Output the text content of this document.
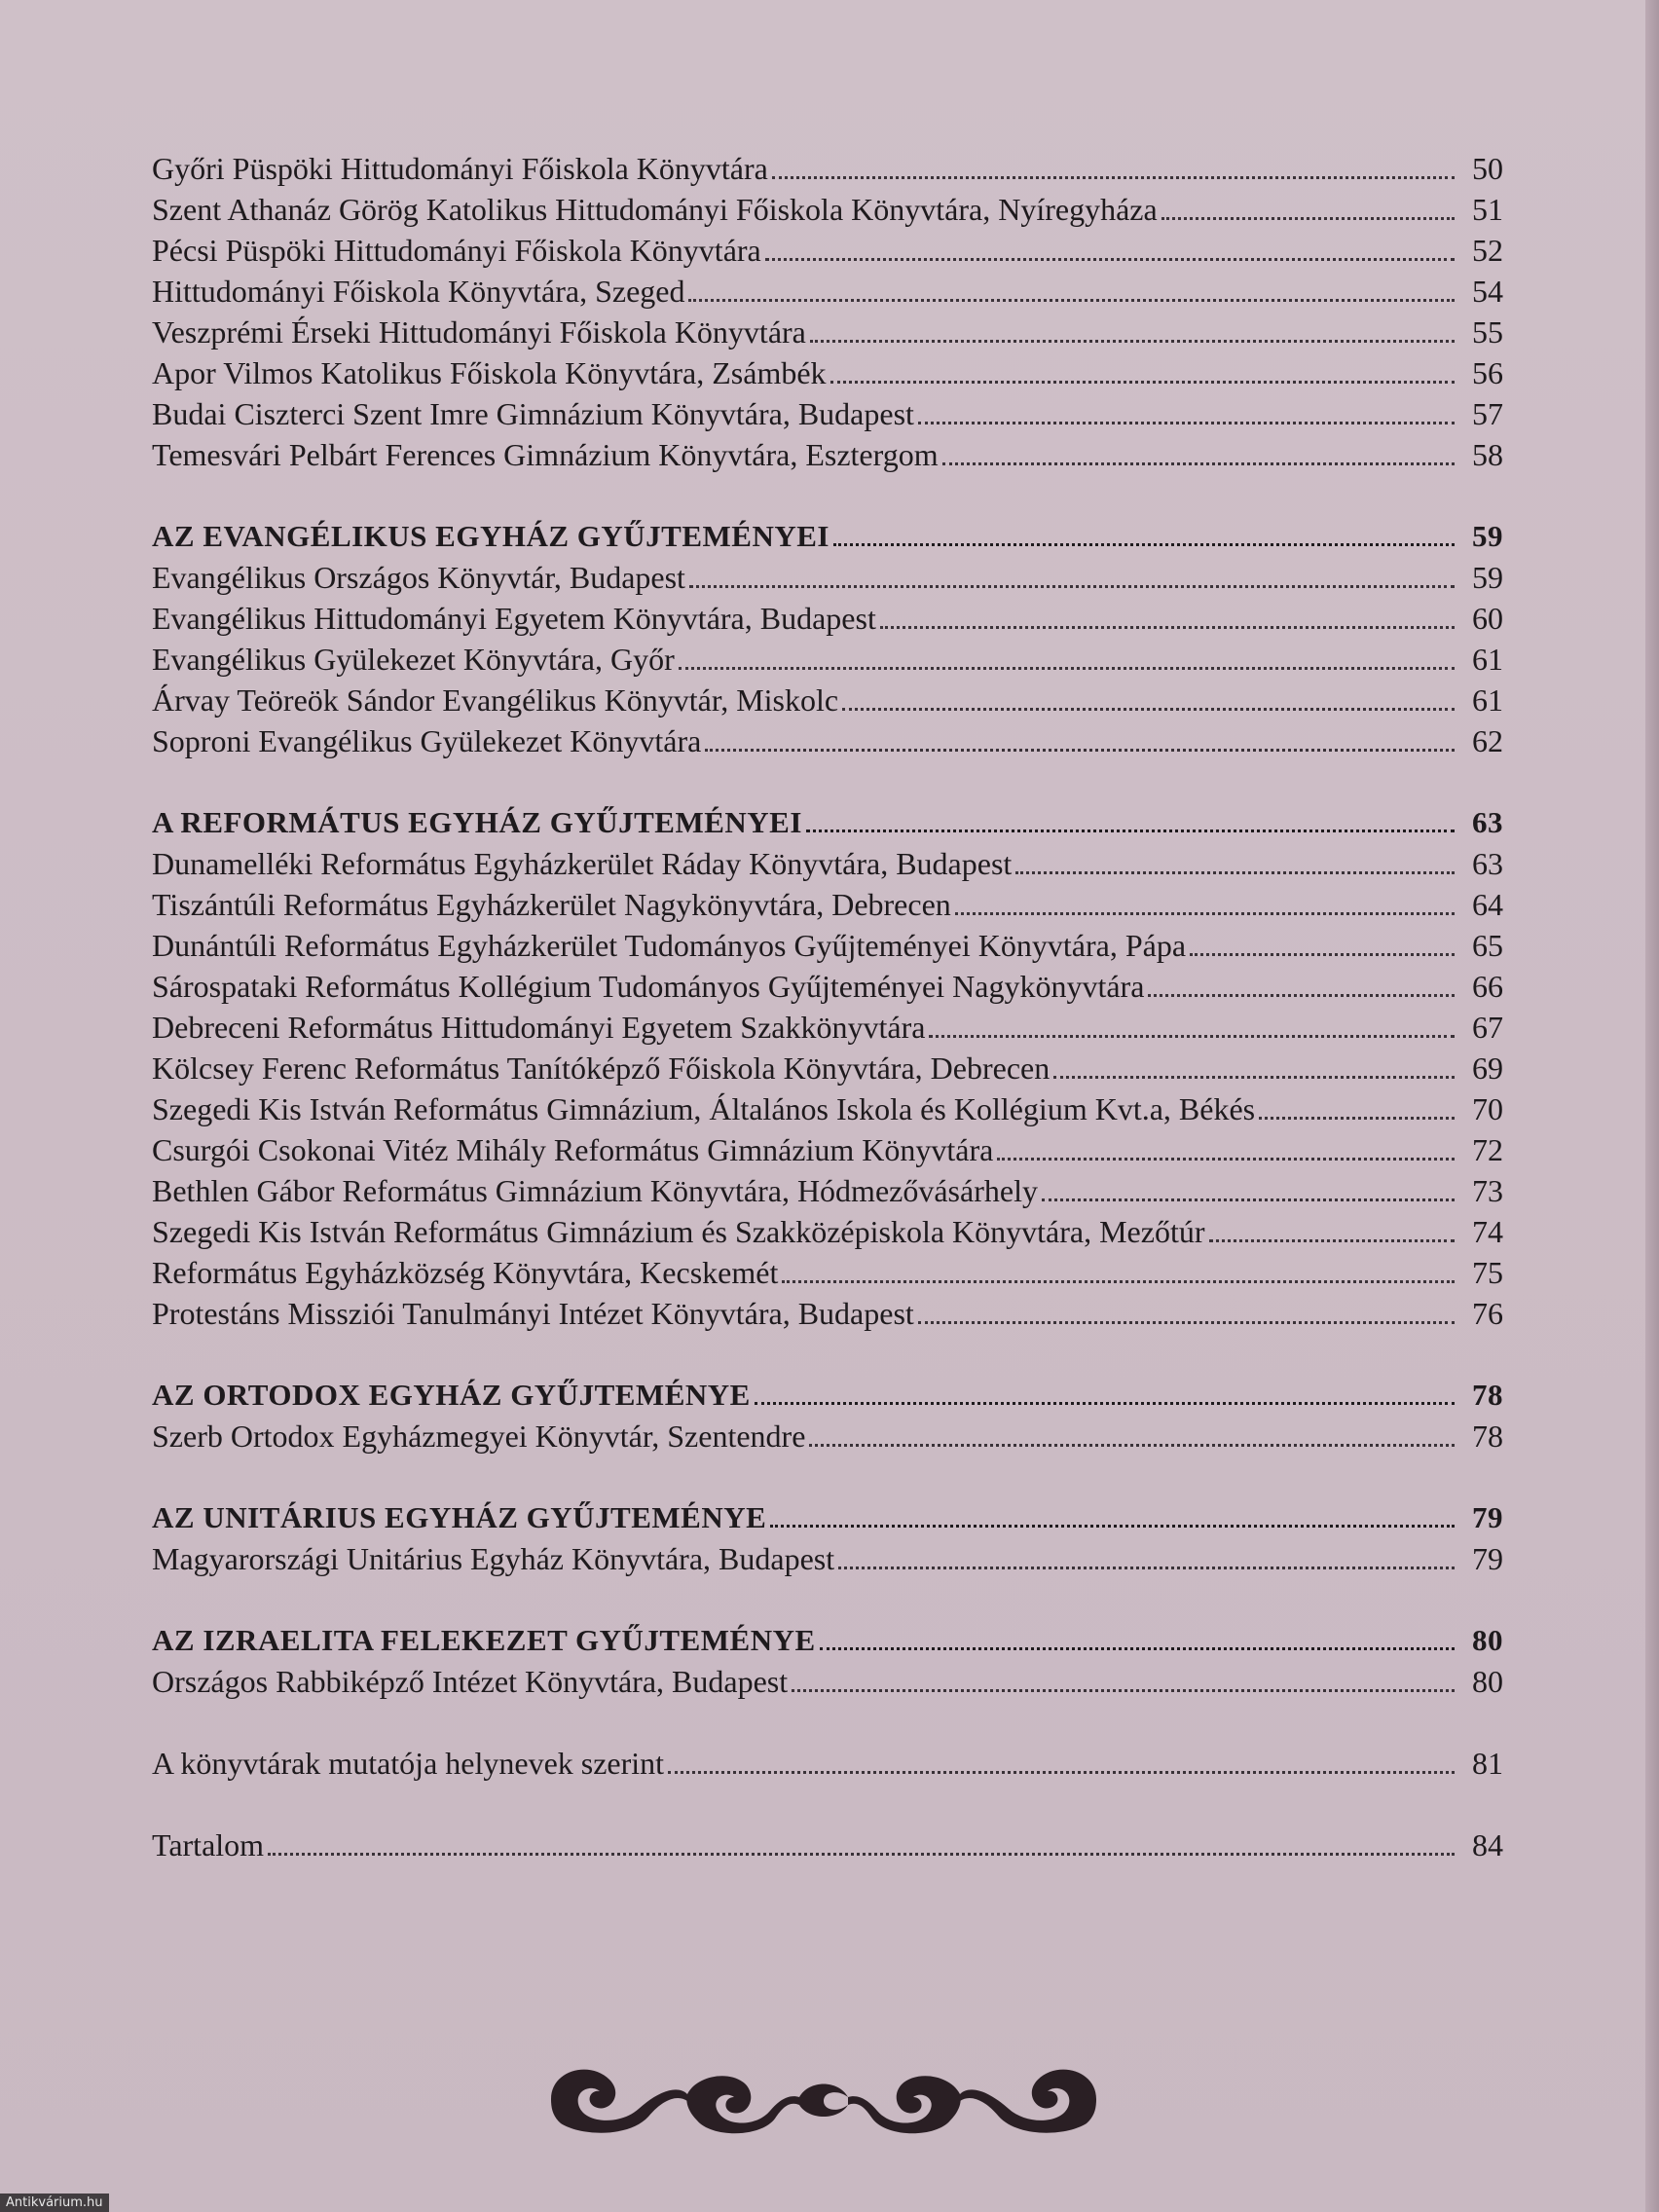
Győri Püspöki Hittudományi Főiskola Könyvtára	50
Szent Athanáz Görög Katolikus Hittudományi Főiskola Könyvtára, Nyíregyháza	51
Pécsi Püspöki Hittudományi Főiskola Könyvtára	52
Hittudományi Főiskola Könyvtára, Szeged	54
Veszprémi Érseki Hittudományi Főiskola Könyvtára	55
Apor Vilmos Katolikus Főiskola Könyvtára, Zsámbék	56
Budai Ciszterci Szent Imre Gimnázium Könyvtára, Budapest	57
Temesvári Pelbárt Ferences Gimnázium Könyvtára, Esztergom	58
AZ EVANGÉLIKUS EGYHÁZ GYŰJTEMÉNYEI	59
Evangélikus Országos Könyvtár, Budapest	59
Evangélikus Hittudományi Egyetem Könyvtára, Budapest	60
Evangélikus Gyülekezet Könyvtára, Győr	61
Árvay Teöreök Sándor Evangélikus Könyvtár, Miskolc	61
Soproni Evangélikus Gyülekezet Könyvtára	62
A REFORMÁTUS EGYHÁZ GYŰJTEMÉNYEI	63
Dunamelléki Református Egyházkerület Ráday Könyvtára, Budapest	63
Tiszántúli Református Egyházkerület Nagykönyvtára, Debrecen	64
Dunántúli Református Egyházkerület Tudományos Gyűjteményei Könyvtára, Pápa	65
Sárospataki Református Kollégium Tudományos Gyűjteményei Nagykönyvtára	66
Debreceni Református Hittudományi Egyetem Szakkönyvtára	67
Kölcsey Ferenc Református Tanítóképző Főiskola Könyvtára, Debrecen	69
Szegedi Kis István Református Gimnázium, Általános Iskola és Kollégium Kvt.a, Békés	70
Csurgói Csokonai Vitéz Mihály Református Gimnázium Könyvtára	72
Bethlen Gábor Református Gimnázium Könyvtára, Hódmezővásárhely	73
Szegedi Kis István Református Gimnázium és Szakközépiskola Könyvtára, Mezőtúr	74
Református Egyházközség Könyvtára, Kecskemét	75
Protestáns Missziói Tanulmányi Intézet Könyvtára, Budapest	76
AZ ORTODOX EGYHÁZ GYŰJTEMÉNYE	78
Szerb Ortodox Egyházmegyei Könyvtár, Szentendre	78
AZ UNITÁRIUS EGYHÁZ GYŰJTEMÉNYE	79
Magyarországi Unitárius Egyház Könyvtára, Budapest	79
AZ IZRAELITA FELEKEZET GYŰJTEMÉNYE	80
Országos Rabbiképző Intézet Könyvtára, Budapest	80
A könyvtárak mutatója helynevek szerint	81
Tartalom	84
Antikvárium.hu
